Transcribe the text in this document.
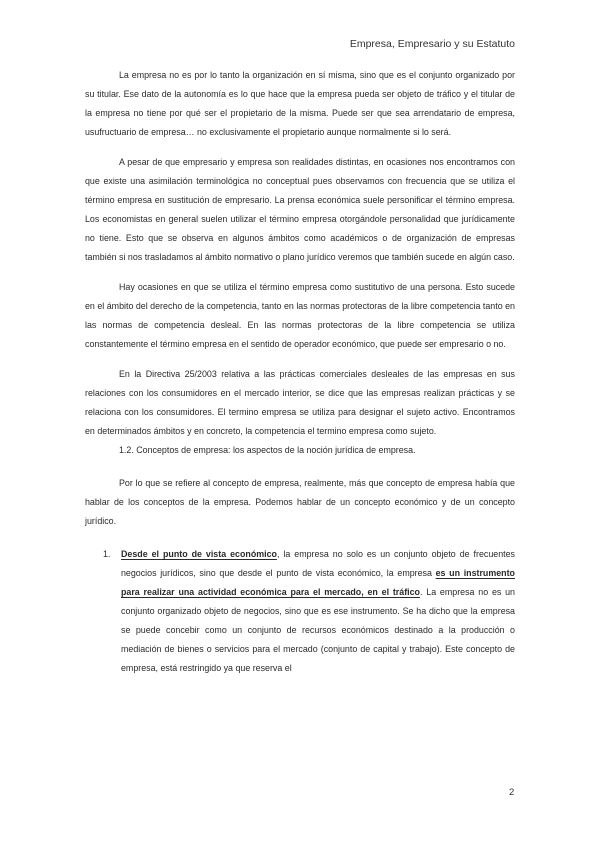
Empresa, Empresario y su Estatuto

La empresa no es por lo tanto la organización en sí misma, sino que es el conjunto organizado por su titular. Ese dato de la autonomía es lo que hace que la empresa pueda ser objeto de tráfico y el titular de la empresa no tiene por qué ser el propietario de la misma. Puede ser que sea arrendatario de empresa, usufructuario de empresa… no exclusivamente el propietario aunque normalmente si lo será.

A pesar de que empresario y empresa son realidades distintas, en ocasiones nos encontramos con que existe una asimilación terminológica no conceptual pues observamos con frecuencia que se utiliza el término empresa en sustitución de empresario. La prensa económica suele personificar el término empresa. Los economistas en general suelen utilizar el término empresa otorgándole personalidad que jurídicamente no tiene. Esto que se observa en algunos ámbitos como académicos o de organización de empresas también si nos trasladamos al ámbito normativo o plano jurídico veremos que también sucede en algún caso.

Hay ocasiones en que se utiliza el término empresa como sustitutivo de una persona. Esto sucede en el ámbito del derecho de la competencia, tanto en las normas protectoras de la libre competencia tanto en las normas de competencia desleal. En las normas protectoras de la libre competencia se utiliza constantemente el término empresa en el sentido de operador económico, que puede ser empresario o no.

En la Directiva 25/2003 relativa a las prácticas comerciales desleales de las empresas en sus relaciones con los consumidores en el mercado interior, se dice que las empresas realizan prácticas y se relaciona con los consumidores. El termino empresa se utiliza para designar el sujeto activo. Encontramos en determinados ámbitos y en concreto, la competencia el termino empresa como sujeto.

1.2. Conceptos de empresa: los aspectos de la noción jurídica de empresa.

Por lo que se refiere al concepto de empresa, realmente, más que concepto de empresa había que hablar de los conceptos de la empresa. Podemos hablar de un concepto económico y de un concepto jurídico.

1. Desde el punto de vista económico, la empresa no solo es un conjunto objeto de frecuentes negocios jurídicos, sino que desde el punto de vista económico, la empresa es un instrumento para realizar una actividad económica para el mercado, en el tráfico. La empresa no es un conjunto organizado objeto de negocios, sino que es ese instrumento. Se ha dicho que la empresa se puede concebir como un conjunto de recursos económicos destinado a la producción o mediación de bienes o servicios para el mercado (conjunto de capital y trabajo). Este concepto de empresa, está restringido ya que reserva el
2
